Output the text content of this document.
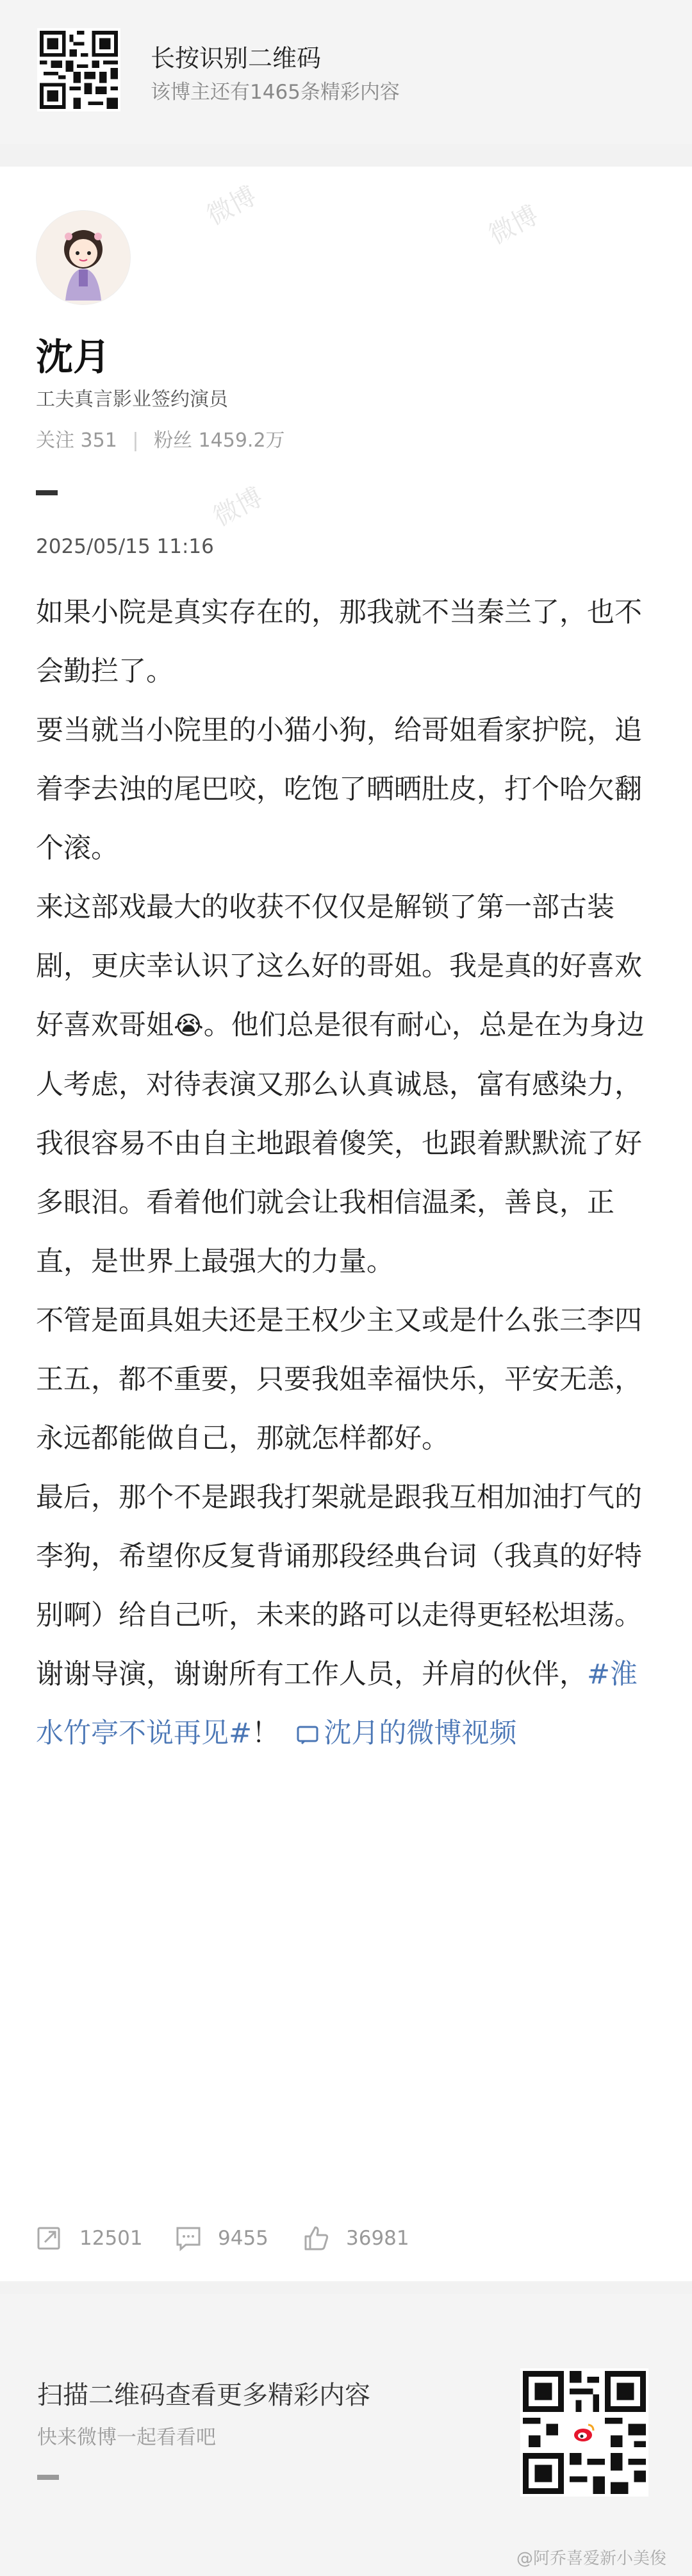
微博	微博
微博
长按识别二维码
该博主还有1465条精彩内容
沈月
工夫真言影业签约演员
关注 351 | 粉丝 1459.2万
2025/05/15 11:16

如果小院是真实存在的，那我就不当秦兰了，也不会勤拦了。

要当就当小院里的小猫小狗，给哥姐看家护院，追着李去浊的尾巴咬，吃饱了晒晒肚皮，打个哈欠翻个滚。

来这部戏最大的收获不仅仅是解锁了第一部古装剧，更庆幸认识了这么好的哥姐。我是真的好喜欢好喜欢哥姐😭。他们总是很有耐心，总是在为身边人考虑，对待表演又那么认真诚恳，富有感染力，我很容易不由自主地跟着傻笑，也跟着默默流了好多眼泪。看着他们就会让我相信温柔，善良，正直，是世界上最强大的力量。

不管是面具姐夫还是王权少主又或是什么张三李四王五，都不重要，只要我姐幸福快乐，平安无恙，永远都能做自己，那就怎样都好。

最后，那个不是跟我打架就是跟我互相加油打气的李狗，希望你反复背诵那段经典台词（我真的好特别啊）给自己听，未来的路可以走得更轻松坦荡。

谢谢导演，谢谢所有工作人员，并肩的伙伴，#淮水竹亭不说再见#！ 沈月的微博视频

12501	9455	36981
扫描二维码查看更多精彩内容
快来微博一起看看吧
@阿乔喜爱新小美俊
